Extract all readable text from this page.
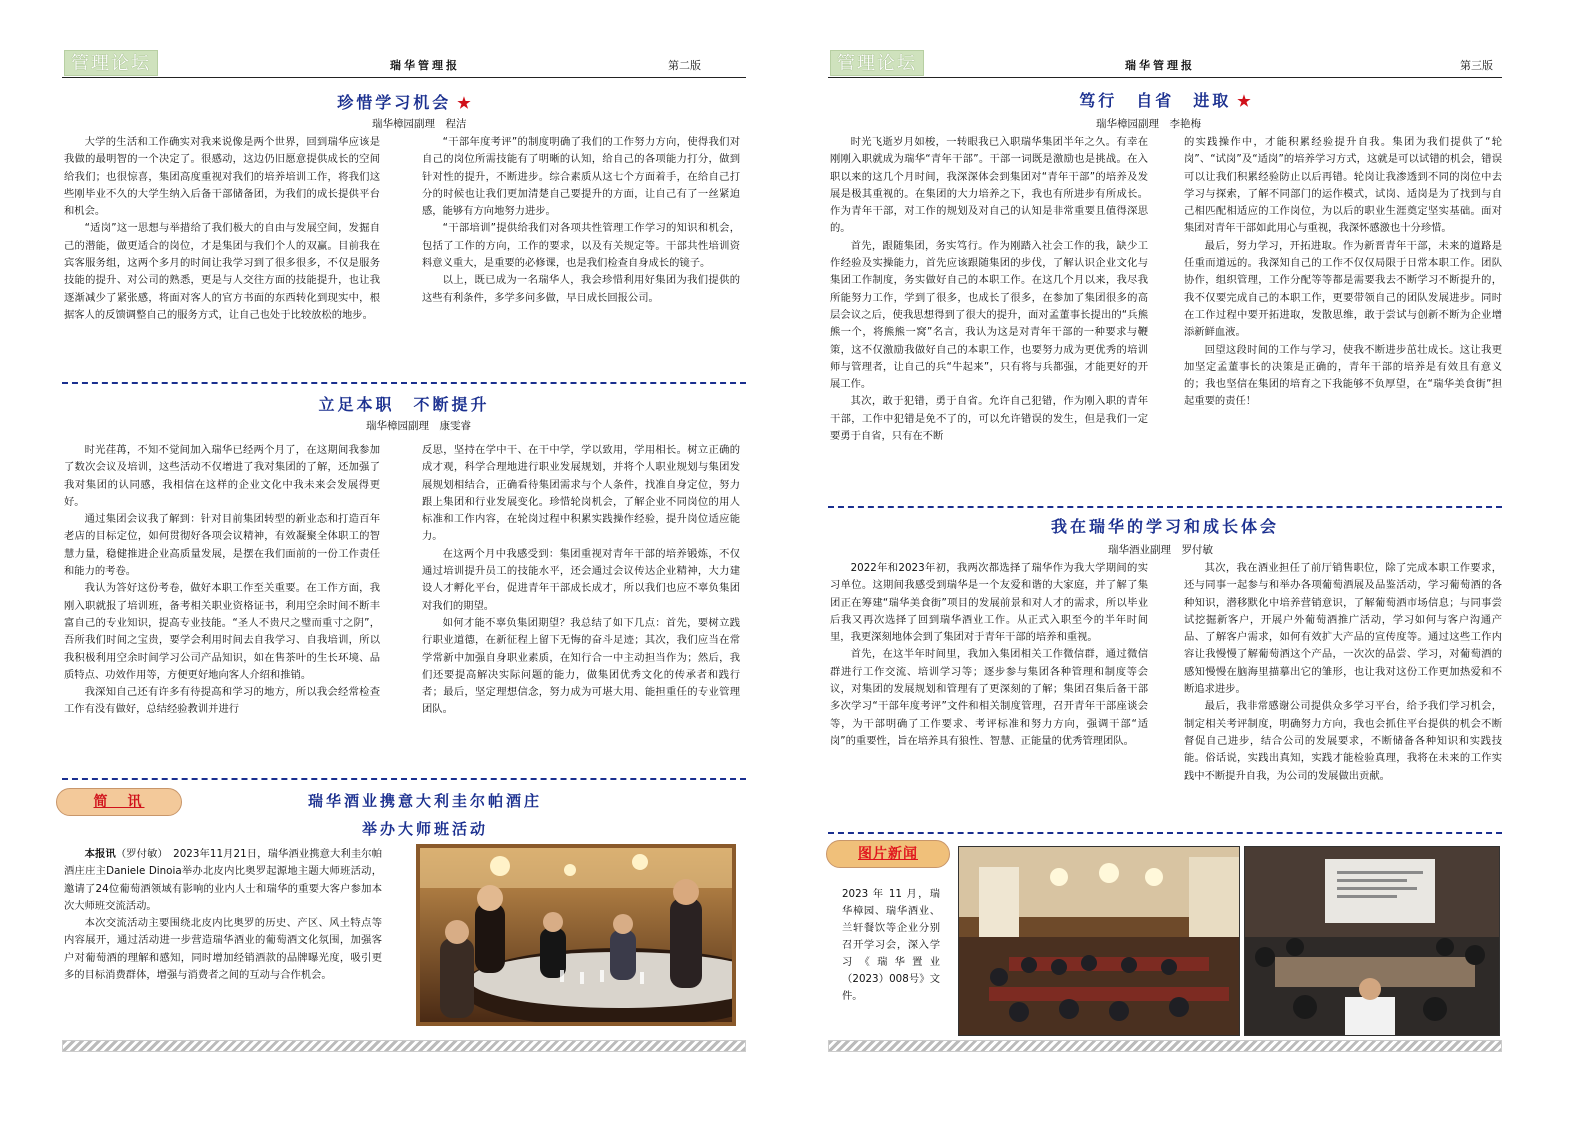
管理论坛	瑞华管理报	第二版
珍惜学习机会 ★
瑞华樟园副理　程洁

大学的生活和工作确实对我来说像是两个世界，回到瑞华应该是我做的最明智的一个决定了。很感动，这边仍旧愿意提供成长的空间给我们；也很惊喜，集团高度重视对我们的培养培训工作，将我们这些刚毕业不久的大学生纳入后备干部储备团，为我们的成长提供平台和机会。

“适岗”这一思想与举措给了我们极大的自由与发展空间，发掘自己的潜能，做更适合的岗位，才是集团与我们个人的双赢。目前我在宾客服务组，这两个多月的时间让我学习到了很多很多，不仅是服务技能的提升、对公司的熟悉，更是与人交往方面的技能提升，也让我逐渐减少了紧张感，将面对客人的官方书面的东西转化到现实中，根据客人的反馈调整自己的服务方式，让自己也处于比较放松的地步。

“干部年度考评”的制度明确了我们的工作努力方向，使得我们对自己的岗位所需技能有了明晰的认知，给自己的各项能力打分，做到针对性的提升，不断进步。综合素质从这七个方面着手，在给自己打分的时候也让我们更加清楚自己要提升的方面，让自己有了一丝紧迫感，能够有方向地努力进步。

“干部培训”提供给我们对各项共性管理工作学习的知识和机会，包括了工作的方向，工作的要求，以及有关规定等。干部共性培训资料意义重大，是重要的必修课，也是我们检查自身成长的镜子。

以上，既已成为一名瑞华人，我会珍惜利用好集团为我们提供的这些有利条件，多学多问多做，早日成长回报公司。

立足本职　不断提升
瑞华樟园副理　康雯睿

时光荏苒，不知不觉间加入瑞华已经两个月了，在这期间我参加了数次会议及培训，这些活动不仅增进了我对集团的了解，还加强了我对集团的认同感，我相信在这样的企业文化中我未来会发展得更好。

通过集团会议我了解到：针对目前集团转型的新业态和打造百年老店的目标定位，如何贯彻好各项会议精神，有效凝聚全体职工的智慧力量，稳健推进企业高质量发展，是摆在我们面前的一份工作责任和能力的考卷。

我认为答好这份考卷，做好本职工作至关重要。在工作方面，我刚入职就报了培训班，备考相关职业资格证书，利用空余时间不断丰富自己的专业知识，提高专业技能。“圣人不贵尺之璧而重寸之阴”，吾所我们时间之宝贵，要学会利用时间去自我学习、自我培训，所以我积极利用空余时间学习公司产品知识，如在售茶叶的生长环境、品质特点、功效作用等，方便更好地向客人介绍和推销。

我深知自己还有许多有待提高和学习的地方，所以我会经常检查工作有没有做好，总结经验教训并进行

反思，坚持在学中干、在干中学，学以致用，学用相长。树立正确的成才观，科学合理地进行职业发展规划，并将个人职业规划与集团发展规划相结合，正确看待集团需求与个人条件，找准自身定位，努力跟上集团和行业发展变化。珍惜轮岗机会，了解企业不同岗位的用人标准和工作内容，在轮岗过程中积累实践操作经验，提升岗位适应能力。

在这两个月中我感受到：集团重视对青年干部的培养锻炼，不仅通过培训提升员工的技能水平，还会通过会议传达企业精神，大力建设人才孵化平台，促进青年干部成长成才，所以我们也应不辜负集团对我们的期望。

如何才能不辜负集团期望？我总结了如下几点：首先，要树立践行职业道德，在新征程上留下无悔的奋斗足迹；其次，我们应当在常学常新中加强自身职业素质，在知行合一中主动担当作为；然后，我们还要提高解决实际问题的能力，做集团优秀文化的传承者和践行者；最后，坚定理想信念，努力成为可堪大用、能担重任的专业管理团队。

简　讯	瑞华酒业携意大利圭尔帕酒庄
举办大师班活动

本报讯（罗付敏）　2023年11月21日，瑞华酒业携意大利圭尔帕酒庄庄主Daniele Dinoia举办北皮内比奥罗起源地主题大师班活动，邀请了24位葡萄酒领域有影响的业内人士和瑞华的重要大客户参加本次大师班交流活动。

本次交流活动主要围绕北皮内比奥罗的历史、产区、风土特点等内容展开，通过活动进一步营造瑞华酒业的葡萄酒文化氛围，加强客户对葡萄酒的理解和感知，同时增加经销酒款的品牌曝光度，吸引更多的目标消费群体，增强与消费者之间的互动与合作机会。

管理论坛	瑞华管理报	第三版
笃行　自省　进取 ★
瑞华樟园副理　李艳梅

时光飞逝岁月如梭，一转眼我已入职瑞华集团半年之久。有幸在刚刚入职就成为瑞华“青年干部”。干部一词既是激励也是挑战。在入职以来的这几个月时间，我深深体会到集团对“青年干部”的培养及发展是极其重视的。在集团的大力培养之下，我也有所进步有所成长。作为青年干部，对工作的规划及对自己的认知是非常重要且值得深思的。

首先，跟随集团，务实笃行。作为刚踏入社会工作的我，缺少工作经验及实操能力，首先应该跟随集团的步伐，了解认识企业文化与集团工作制度，务实做好自己的本职工作。在这几个月以来，我尽我所能努力工作，学到了很多，也成长了很多，在参加了集团很多的高层会议之后，使我思想得到了很大的提升，面对孟董事长提出的“兵熊熊一个，将熊熊一窝”名言，我认为这是对青年干部的一种要求与鞭策，这不仅激励我做好自己的本职工作，也要努力成为更优秀的培训师与管理者，让自己的兵“牛起来”，只有将与兵都强，才能更好的开展工作。

其次，敢于犯错，勇于自省。允许自己犯错，作为刚入职的青年干部，工作中犯错是免不了的，可以允许错误的发生，但是我们一定要勇于自省，只有在不断

的实践操作中，才能积累经验提升自我。集团为我们提供了“轮岗”、“试岗”及“适岗”的培养学习方式，这就是可以试错的机会，错误可以让我们积累经验防止以后再错。轮岗让我渗透到不同的岗位中去学习与探索，了解不同部门的运作模式，试岗、适岗是为了找到与自己相匹配相适应的工作岗位，为以后的职业生涯奠定坚实基础。面对集团对青年干部如此用心与重视，我深怀感激也十分珍惜。

最后，努力学习，开拓进取。作为新晋青年干部，未来的道路是任重而道远的。我深知自己的工作不仅仅局限于日常本职工作。团队协作，组织管理，工作分配等等都是需要我去不断学习不断提升的，我不仅要完成自己的本职工作，更要带领自己的团队发展进步。同时在工作过程中要开拓进取，发散思维，敢于尝试与创新不断为企业增添新鲜血液。

回望这段时间的工作与学习，使我不断进步茁壮成长。这让我更加坚定孟董事长的决策是正确的，青年干部的培养是有效且有意义的；我也坚信在集团的培育之下我能够不负厚望，在“瑞华美食街”担起重要的责任！

我在瑞华的学习和成长体会
瑞华酒业副理　罗付敏

2022年和2023年初，我两次都选择了瑞华作为我大学期间的实习单位。这期间我感受到瑞华是一个友爱和谐的大家庭，并了解了集团正在筹建“瑞华美食街”项目的发展前景和对人才的需求，所以毕业后我又再次选择了回到瑞华酒业工作。从正式入职至今的半年时间里，我更深刻地体会到了集团对于青年干部的培养和重视。

首先，在这半年时间里，我加入集团相关工作微信群，通过微信群进行工作交流、培训学习等；逐步参与集团各种管理和制度等会议，对集团的发展规划和管理有了更深刻的了解；集团召集后备干部多次学习“干部年度考评”文件和相关制度管理，召开青年干部座谈会等，为干部明确了工作要求、考评标准和努力方向，强调干部“适岗”的重要性，旨在培养具有狼性、智慧、正能量的优秀管理团队。

其次，我在酒业担任了前厅销售职位，除了完成本职工作要求，还与同事一起参与和举办各项葡萄酒展及品鉴活动，学习葡萄酒的各种知识，潜移默化中培养营销意识，了解葡萄酒市场信息；与同事尝试挖掘新客户，开展户外葡萄酒推广活动，学习如何与客户沟通产品、了解客户需求，如何有效扩大产品的宣传度等。通过这些工作内容让我慢慢了解葡萄酒这个产品，一次次的品尝、学习，对葡萄酒的感知慢慢在脑海里描摹出它的雏形，也让我对这份工作更加热爱和不断追求进步。

最后，我非常感谢公司提供众多学习平台，给予我们学习机会，制定相关考评制度，明确努力方向，我也会抓住平台提供的机会不断督促自己进步，结合公司的发展要求，不断储备各种知识和实践技能。俗话说，实践出真知，实践才能检验真理，我将在未来的工作实践中不断提升自我，为公司的发展做出贡献。

图片新闻

2023 年 11 月，瑞华樟园、瑞华酒业、兰轩餐饮等企业分别召开学习会，深入学习《瑞华置业（2023）008号》文件。
